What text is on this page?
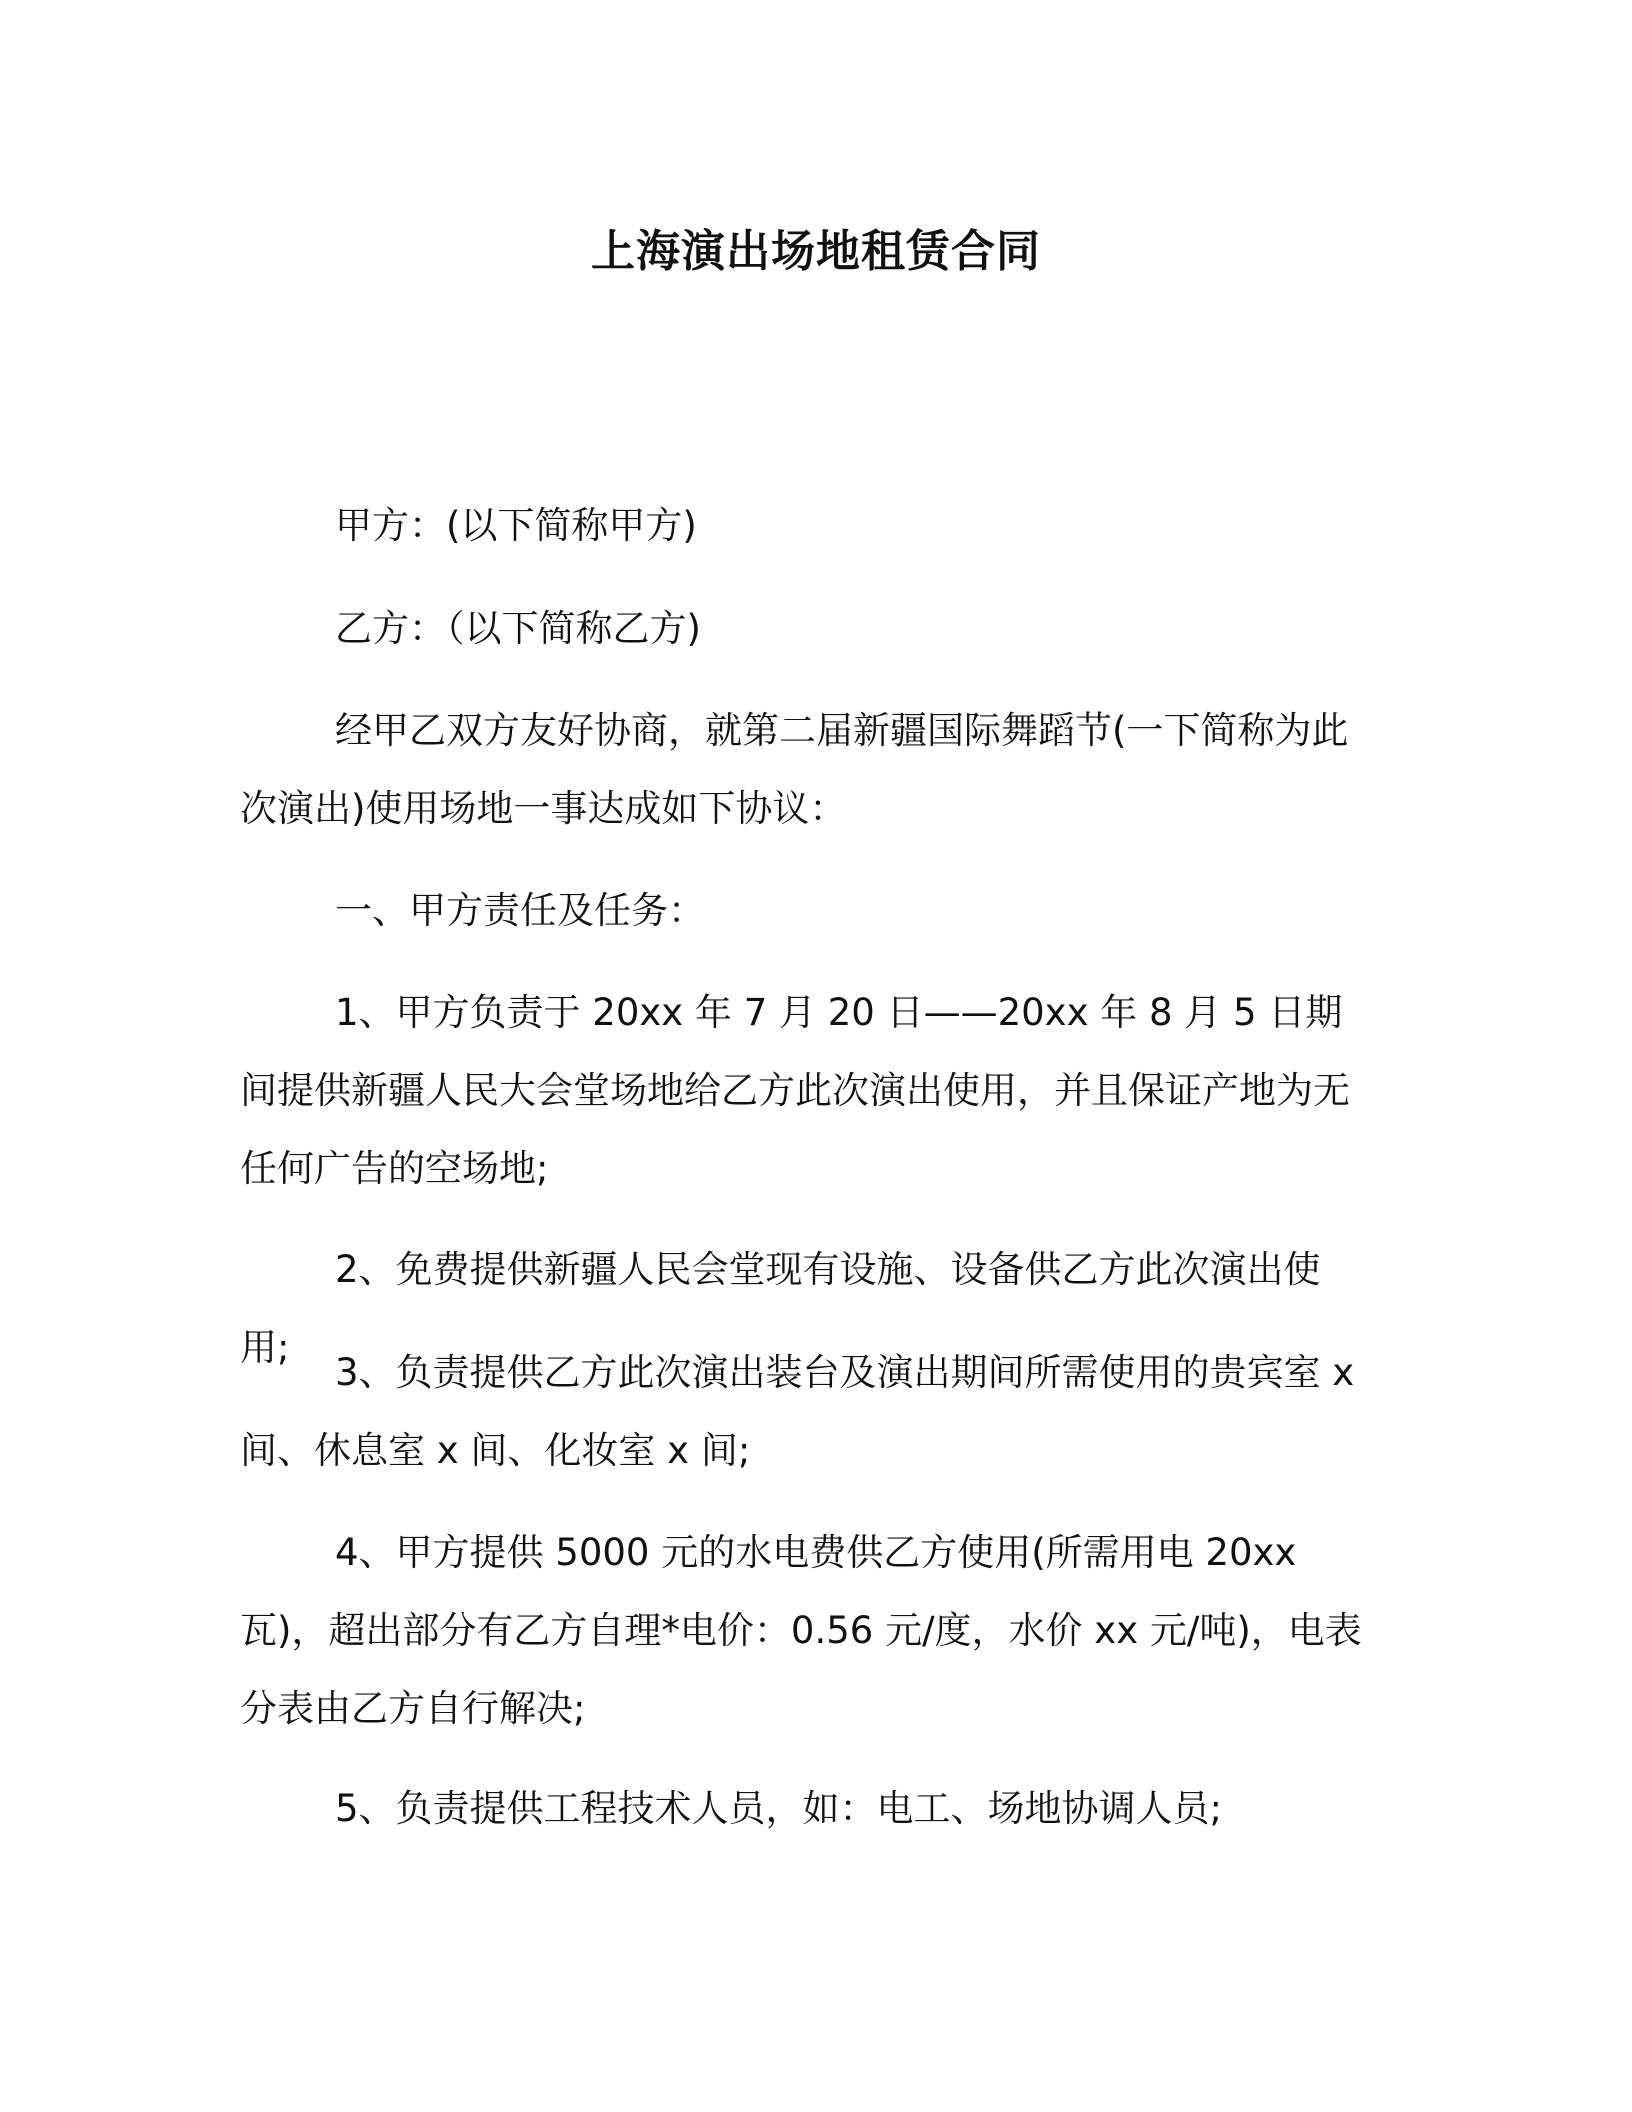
上海演出场地租赁合同
甲方：(以下简称甲方)
乙方：（以下简称乙方)
经甲乙双方友好协商，就第二届新疆国际舞蹈节(一下简称为此次演出)使用场地一事达成如下协议：
一、甲方责任及任务：
1、甲方负责于 20xx 年 7 月 20 日——20xx 年 8 月 5 日期间提供新疆人民大会堂场地给乙方此次演出使用，并且保证产地为无任何广告的空场地;
2、免费提供新疆人民会堂现有设施、设备供乙方此次演出使用;
3、负责提供乙方此次演出装台及演出期间所需使用的贵宾室 x 间、休息室 x 间、化妆室 x 间;
4、甲方提供 5000 元的水电费供乙方使用(所需用电 20xx 瓦)，超出部分有乙方自理*电价：0.56 元/度，水价 xx 元/吨)，电表分表由乙方自行解决;
5、负责提供工程技术人员，如：电工、场地协调人员;
